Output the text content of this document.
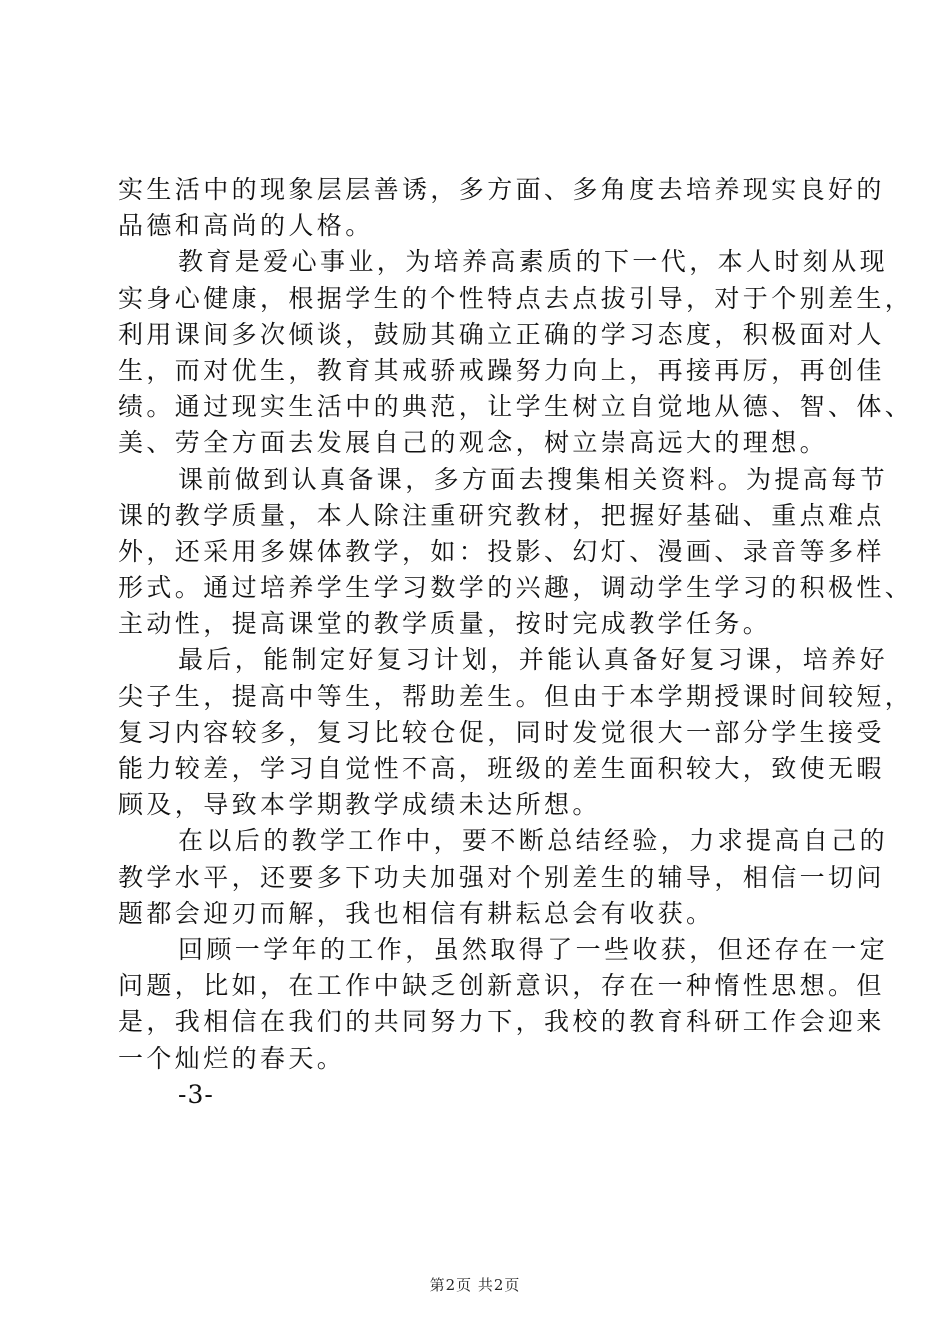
实生活中的现象层层善诱，多方面、多角度去培养现实良好的
品德和高尚的人格。
教育是爱心事业，为培养高素质的下一代，本人时刻从现
实身心健康，根据学生的个性特点去点拔引导，对于个别差生，
利用课间多次倾谈，鼓励其确立正确的学习态度，积极面对人
生，而对优生，教育其戒骄戒躁努力向上，再接再厉，再创佳
绩。通过现实生活中的典范，让学生树立自觉地从德、智、体、
美、劳全方面去发展自己的观念，树立崇高远大的理想。
课前做到认真备课，多方面去搜集相关资料。为提高每节
课的教学质量，本人除注重研究教材，把握好基础、重点难点
外，还采用多媒体教学，如：投影、幻灯、漫画、录音等多样
形式。通过培养学生学习数学的兴趣，调动学生学习的积极性、
主动性，提高课堂的教学质量，按时完成教学任务。
最后，能制定好复习计划，并能认真备好复习课，培养好
尖子生，提高中等生，帮助差生。但由于本学期授课时间较短，
复习内容较多，复习比较仓促，同时发觉很大一部分学生接受
能力较差，学习自觉性不高，班级的差生面积较大，致使无暇
顾及，导致本学期教学成绩未达所想。
在以后的教学工作中，要不断总结经验，力求提高自己的
教学水平，还要多下功夫加强对个别差生的辅导，相信一切问
题都会迎刃而解，我也相信有耕耘总会有收获。
回顾一学年的工作，虽然取得了一些收获，但还存在一定
问题，比如，在工作中缺乏创新意识，存在一种惰性思想。但
是，我相信在我们的共同努力下，我校的教育科研工作会迎来
一个灿烂的春天。
-3-
第2页 共2页
